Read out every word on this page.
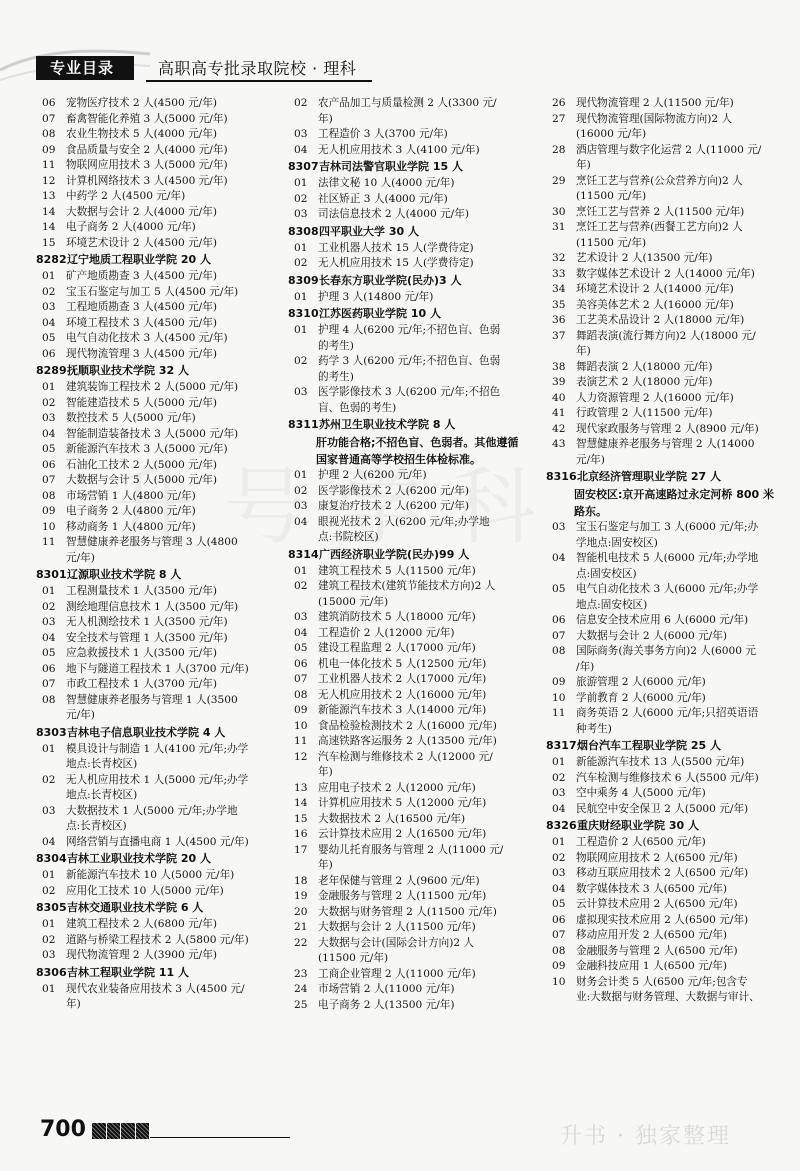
专业目录	高职高专批录取院校 · 理科
06 宠物医疗技术 2 人(4500 元/年)
07 畜禽智能化养殖 3 人(5000 元/年)
08 农业生物技术 5 人(4000 元/年)
09 食品质量与安全 2 人(4000 元/年)
11 物联网应用技术 3 人(5000 元/年)
12 计算机网络技术 3 人(4500 元/年)
13 中药学 2 人(4500 元/年)
14 大数据与会计 2 人(4000 元/年)
14 电子商务 2 人(4000 元/年)
15 环境艺术设计 2 人(4500 元/年)
8282 辽宁地质工程职业学院 20 人
01 矿产地质勘查 3 人(4500 元/年)
02 宝玉石鉴定与加工 5 人(4500 元/年)
03 工程地质勘查 3 人(4500 元/年)
04 环境工程技术 3 人(4500 元/年)
05 电气自动化技术 3 人(4500 元/年)
06 现代物流管理 3 人(4500 元/年)
8289 抚顺职业技术学院 32 人
01 建筑装饰工程技术 2 人(5000 元/年)
02 智能建造技术 5 人(5000 元/年)
03 数控技术 5 人(5000 元/年)
04 智能制造装备技术 3 人(5000 元/年)
05 新能源汽车技术 3 人(5000 元/年)
06 石油化工技术 2 人(5000 元/年)
07 大数据与会计 5 人(5000 元/年)
08 市场营销 1 人(4800 元/年)
09 电子商务 2 人(4800 元/年)
10 移动商务 1 人(4800 元/年)
11 智慧健康养老服务与管理 3 人(4800
元/年)
8301 辽源职业技术学院 8 人
01 工程测量技术 1 人(3500 元/年)
02 测绘地理信息技术 1 人(3500 元/年)
03 无人机测绘技术 1 人(3500 元/年)
04 安全技术与管理 1 人(3500 元/年)
05 应急救援技术 1 人(3500 元/年)
06 地下与隧道工程技术 1 人(3700 元/年)
07 市政工程技术 1 人(3700 元/年)
08 智慧健康养老服务与管理 1 人(3500
元/年)
8303 吉林电子信息职业技术学院 4 人
01 模具设计与制造 1 人(4100 元/年;办学
地点:长青校区)
02 无人机应用技术 1 人(5000 元/年;办学
地点:长青校区)
03 大数据技术 1 人(5000 元/年;办学地
点:长青校区)
04 网络营销与直播电商 1 人(4500 元/年)
8304 吉林工业职业技术学院 20 人
01 新能源汽车技术 10 人(5000 元/年)
02 应用化工技术 10 人(5000 元/年)
8305 吉林交通职业技术学院 6 人
01 建筑工程技术 2 人(6800 元/年)
02 道路与桥梁工程技术 2 人(5800 元/年)
03 现代物流管理 2 人(3900 元/年)
8306 吉林工程职业学院 11 人
01 现代农业装备应用技术 3 人(4500 元/
年)
02 农产品加工与质量检测 2 人(3300 元/
年)
03 工程造价 3 人(3700 元/年)
04 无人机应用技术 3 人(4100 元/年)
8307 吉林司法警官职业学院 15 人
01 法律文秘 10 人(4000 元/年)
02 社区矫正 3 人(4000 元/年)
03 司法信息技术 2 人(4000 元/年)
8308 四平职业大学 30 人
01 工业机器人技术 15 人(学费待定)
02 无人机应用技术 15 人(学费待定)
8309 长春东方职业学院(民办)3 人
01 护理 3 人(14800 元/年)
8310 江苏医药职业学院 10 人
01 护理 4 人(6200 元/年;不招色盲、色弱
的考生)
02 药学 3 人(6200 元/年;不招色盲、色弱
的考生)
03 医学影像技术 3 人(6200 元/年;不招色
盲、色弱的考生)
8311 苏州卫生职业技术学院 8 人
肝功能合格;不招色盲、色弱者。其他遵循
国家普通高等学校招生体检标准。
01 护理 2 人(6200 元/年)
02 医学影像技术 2 人(6200 元/年)
03 康复治疗技术 2 人(6200 元/年)
04 眼视光技术 2 人(6200 元/年;办学地
点:书院校区)
8314 广西经济职业学院(民办)99 人
01 建筑工程技术 5 人(11500 元/年)
02 建筑工程技术(建筑节能技术方向)2 人
(15000 元/年)
03 建筑消防技术 5 人(18000 元/年)
04 工程造价 2 人(12000 元/年)
05 建设工程监理 2 人(17000 元/年)
06 机电一体化技术 5 人(12500 元/年)
07 工业机器人技术 2 人(17000 元/年)
08 无人机应用技术 2 人(16000 元/年)
09 新能源汽车技术 3 人(14000 元/年)
10 食品检验检测技术 2 人(16000 元/年)
11 高速铁路客运服务 2 人(13500 元/年)
12 汽车检测与维修技术 2 人(12000 元/
年)
13 应用电子技术 2 人(12000 元/年)
14 计算机应用技术 5 人(12000 元/年)
15 大数据技术 2 人(16500 元/年)
16 云计算技术应用 2 人(16500 元/年)
17 婴幼儿托育服务与管理 2 人(11000 元/
年)
18 老年保健与管理 2 人(9600 元/年)
19 金融服务与管理 2 人(11500 元/年)
20 大数据与财务管理 2 人(11500 元/年)
21 大数据与会计 2 人(11500 元/年)
22 大数据与会计(国际会计方向)2 人
(11500 元/年)
23 工商企业管理 2 人(11000 元/年)
24 市场营销 2 人(11000 元/年)
25 电子商务 2 人(13500 元/年)
26 现代物流管理 2 人(11500 元/年)
27 现代物流管理(国际物流方向)2 人
(16000 元/年)
28 酒店管理与数字化运营 2 人(11000 元/
年)
29 烹饪工艺与营养(公众营养方向)2 人
(11500 元/年)
30 烹饪工艺与营养 2 人(11500 元/年)
31 烹饪工艺与营养(西餐工艺方向)2 人
(11500 元/年)
32 艺术设计 2 人(13500 元/年)
33 数字媒体艺术设计 2 人(14000 元/年)
34 环境艺术设计 2 人(14000 元/年)
35 美容美体艺术 2 人(16000 元/年)
36 工艺美术品设计 2 人(18000 元/年)
37 舞蹈表演(流行舞方向)2 人(18000 元/
年)
38 舞蹈表演 2 人(18000 元/年)
39 表演艺术 2 人(18000 元/年)
40 人力资源管理 2 人(16000 元/年)
41 行政管理 2 人(11500 元/年)
42 现代家政服务与管理 2 人(8900 元/年)
43 智慧健康养老服务与管理 2 人(14000
元/年)
8316 北京经济管理职业学院 27 人
固安校区:京开高速路过永定河桥 800 米
路东。
03 宝玉石鉴定与加工 3 人(6000 元/年;办
学地点:固安校区)
04 智能机电技术 5 人(6000 元/年;办学地
点:固安校区)
05 电气自动化技术 3 人(6000 元/年;办学
地点:固安校区)
06 信息安全技术应用 6 人(6000 元/年)
07 大数据与会计 2 人(6000 元/年)
08 国际商务(海关事务方向)2 人(6000 元
/年)
09 旅游管理 2 人(6000 元/年)
10 学前教育 2 人(6000 元/年)
11 商务英语 2 人(6000 元/年;只招英语语
种考生)
8317 烟台汽车工程职业学院 25 人
01 新能源汽车技术 13 人(5500 元/年)
02 汽车检测与维修技术 6 人(5500 元/年)
03 空中乘务 4 人(5000 元/年)
04 民航空中安全保卫 2 人(5000 元/年)
8326 重庆财经职业学院 30 人
01 工程造价 2 人(6500 元/年)
02 物联网应用技术 2 人(6500 元/年)
03 移动互联应用技术 2 人(6500 元/年)
04 数字媒体技术 3 人(6500 元/年)
05 云计算技术应用 2 人(6500 元/年)
06 虚拟现实技术应用 2 人(6500 元/年)
07 移动应用开发 2 人(6500 元/年)
08 金融服务与管理 2 人(6500 元/年)
09 金融科技应用 1 人(6500 元/年)
10 财务会计类 5 人(6500 元/年;包含专
业:大数据与财务管理、大数据与审计、
700	升书 · 独家整理
